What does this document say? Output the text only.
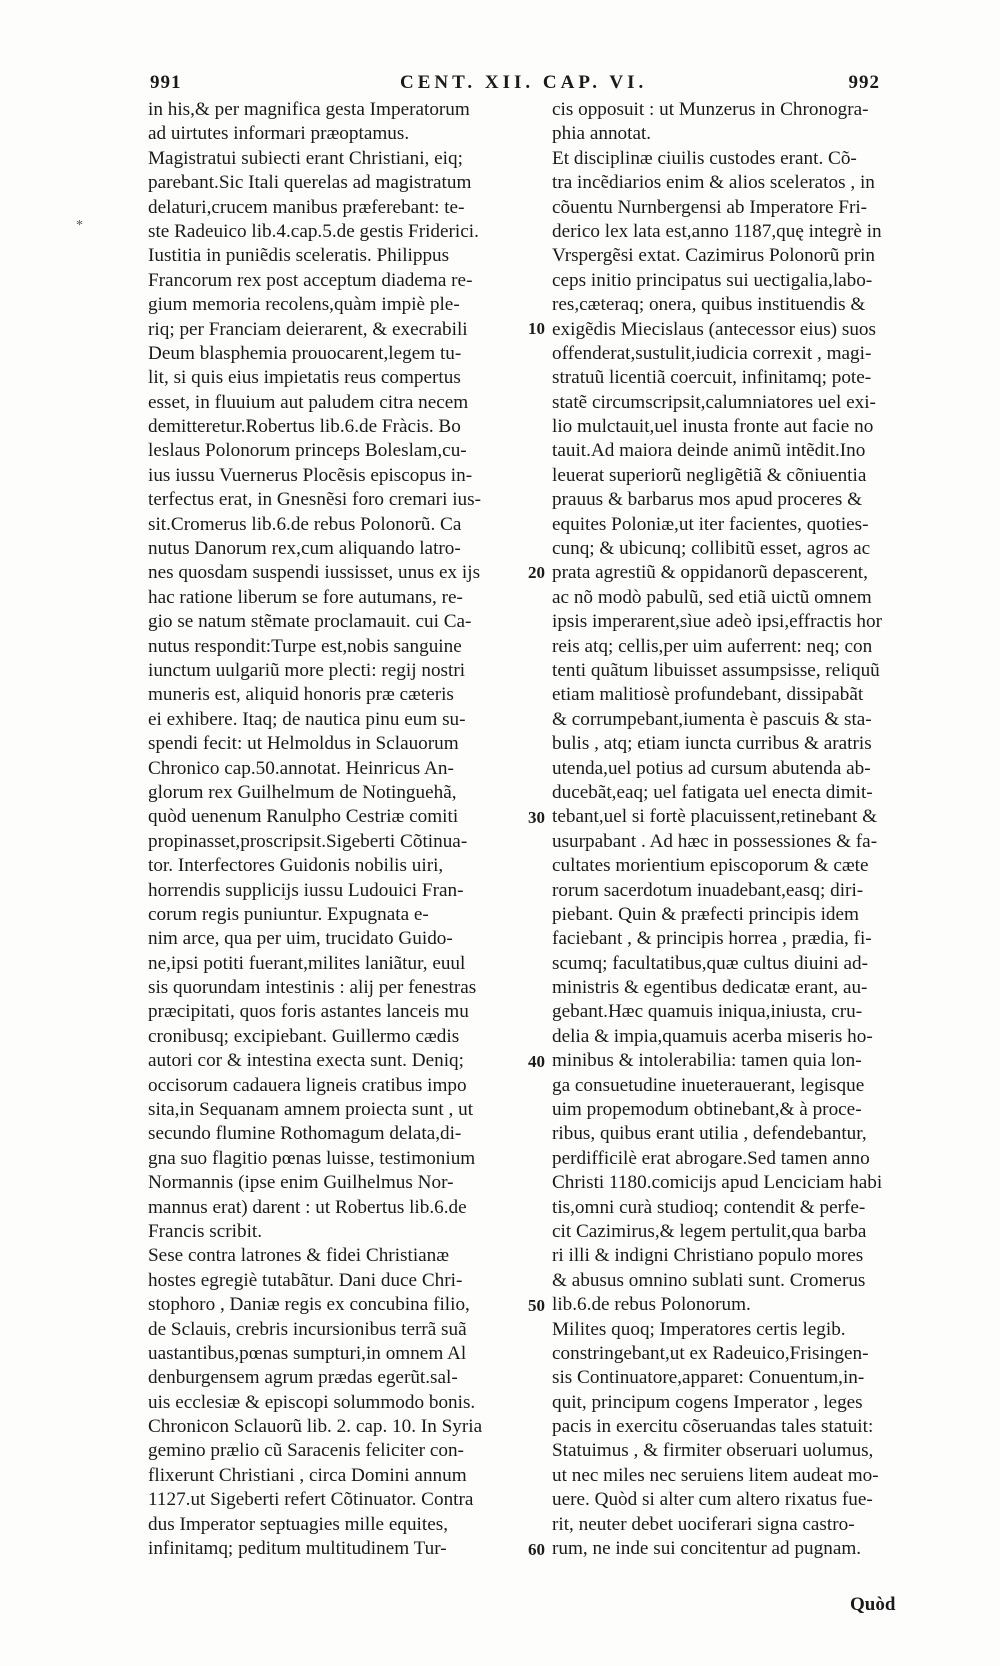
991	CENT. XII. CAP. VI.	992
in his,& per magnifica gesta Imperatorum
ad uirtutes informari præoptamus.
Magistratui subiecti erant Christiani, eiq;
parebant.Sic Itali querelas ad magistratum
delaturi,crucem manibus præferebant: te-
ste Radeuico lib.4.cap.5.de gestis Friderici.
Iustitia in puniẽdis sceleratis. Philippus
Francorum rex post acceptum diadema re-
gium memoria recolens,quàm impiè ple-
riq; per Franciam deierarent, & execrabili
Deum blasphemia prouocarent,legem tu-
lit, si quis eius impietatis reus compertus
esset, in fluuium aut paludem citra necem
demitteretur.Robertus lib.6.de Fràcis. Bo
leslaus Polonorum princeps Boleslam,cu-
ius iussu Vuernerus Plocẽsis episcopus in-
terfectus erat, in Gnesnẽsi foro cremari ius-
sit.Cromerus lib.6.de rebus Polonorũ. Ca
nutus Danorum rex,cum aliquando latro-
nes quosdam suspendi iussisset, unus ex ijs
hac ratione liberum se fore autumans, re-
gio se natum stẽmate proclamauit. cui Ca-
nutus respondit:Turpe est,nobis sanguine
iunctum uulgariũ more plecti: regij nostri
muneris est, aliquid honoris præ cæteris
ei exhibere. Itaq; de nautica pinu eum su-
spendi fecit: ut Helmoldus in Sclauorum
Chronico cap.50.annotat. Heinricus An-
glorum rex Guilhelmum de Notinguehã,
quòd uenenum Ranulpho Cestriæ comiti
propinasset,proscripsit.Sigeberti Cõtinua-
tor. Interfectores Guidonis nobilis uiri,
horrendis supplicijs iussu Ludouici Fran-
corum regis puniuntur. Expugnata e-
nim arce, qua per uim, trucidato Guido-
ne,ipsi potiti fuerant,milites laniãtur, euul
sis quorundam intestinis : alij per fenestras
præcipitati, quos foris astantes lanceis mu
cronibusq; excipiebant. Guillermo cædis
autori cor & intestina execta sunt. Deniq;
occisorum cadauera ligneis cratibus impo
sita,in Sequanam amnem proiecta sunt , ut
secundo flumine Rothomagum delata,di-
gna suo flagitio pœnas luisse, testimonium
Normannis (ipse enim Guilhelmus Nor-
mannus erat) darent : ut Robertus lib.6.de
Francis scribit.
Sese contra latrones & fidei Christianæ
hostes egregiè tutabãtur. Dani duce Chri-
stophoro , Daniæ regis ex concubina filio,
de Sclauis, crebris incursionibus terrã suã
uastantibus,pœnas sumpturi,in omnem Al
denburgensem agrum prædas egerũt.sal-
uis ecclesiæ & episcopi solummodo bonis.
Chronicon Sclauorũ lib. 2. cap. 10. In Syria
gemino prælio cũ Saracenis feliciter con-
flixerunt Christiani , circa Domini annum
1127.ut Sigeberti refert Cõtinuator. Contra
dus Imperator septuagies mille equites,
infinitamq; peditum multitudinem Tur-
cis opposuit : ut Munzerus in Chronogra-
phia annotat.
Et disciplinæ ciuilis custodes erant. Cõ-
tra incẽdiarios enim & alios sceleratos , in
cõuentu Nurnbergensi ab Imperatore Fri-
derico lex lata est,anno 1187,quę integrè in
Vrspergẽsi extat. Cazimirus Polonorũ prin
ceps initio principatus sui uectigalia,labo-
res,cæteraq; onera, quibus instituendis &
exigẽdis Miecislaus (antecessor eius) suos
offenderat,sustulit,iudicia correxit , magi-
stratuũ licentiã coercuit, infinitamq; pote-
statẽ circumscripsit,calumniatores uel exi-
lio mulctauit,uel inusta fronte aut facie no
tauit.Ad maiora deinde animũ intẽdit.Ino
leuerat superiorũ negligẽtiã & cõniuentia
prauus & barbarus mos apud proceres &
equites Poloniæ,ut iter facientes, quoties-
cunq; & ubicunq; collibitũ esset, agros ac
prata agrestiũ & oppidanorũ depascerent,
ac nõ modò pabulũ, sed etiã uictũ omnem
ipsis imperarent,sìue adeò ipsi,effractis hor
reis atq; cellis,per uim auferrent: neq; con
tenti quãtum libuisset assumpsisse, reliquũ
etiam malitiosè profundebant, dissipabãt
& corrumpebant,iumenta è pascuis & sta-
bulis , atq; etiam iuncta curribus & aratris
utenda,uel potius ad cursum abutenda ab-
ducebãt,eaq; uel fatigata uel enecta dimit-
tebant,uel si fortè placuissent,retinebant &
usurpabant . Ad hæc in possessiones & fa-
cultates morientium episcoporum & cæte
rorum sacerdotum inuadebant,easq; diri-
piebant. Quin & præfecti principis idem
faciebant , & principis horrea , prædia, fi-
scumq; facultatibus,quæ cultus diuini ad-
ministris & egentibus dedicatæ erant, au-
gebant.Hæc quamuis iniqua,iniusta, cru-
delia & impia,quamuis acerba miseris ho-
minibus & intolerabilia: tamen quia lon-
ga consuetudine inueterauerant, legisque
uim propemodum obtinebant,& à proce-
ribus, quibus erant utilia , defendebantur,
perdifficilè erat abrogare.Sed tamen anno
Christi 1180.comicijs apud Lenciciam habi
tis,omni curà studioq; contendit & perfe-
cit Cazimirus,& legem pertulit,qua barba
ri illi & indigni Christiano populo mores
& abusus omnino sublati sunt. Cromerus
lib.6.de rebus Polonorum.
Milites quoq; Imperatores certis legib.
constringebant,ut ex Radeuico,Frisingen-
sis Continuatore,apparet: Conuentum,in-
quit, principum cogens Imperator , leges
pacis in exercitu cõseruandas tales statuit:
Statuimus , & firmiter obseruari uolumus,
ut nec miles nec seruiens litem audeat mo-
uere. Quòd si alter cum altero rixatus fue-
rit, neuter debet uociferari signa castro-
rum, ne inde sui concitentur ad pugnam.
10
20
30
40
50
60
Quòd
*
